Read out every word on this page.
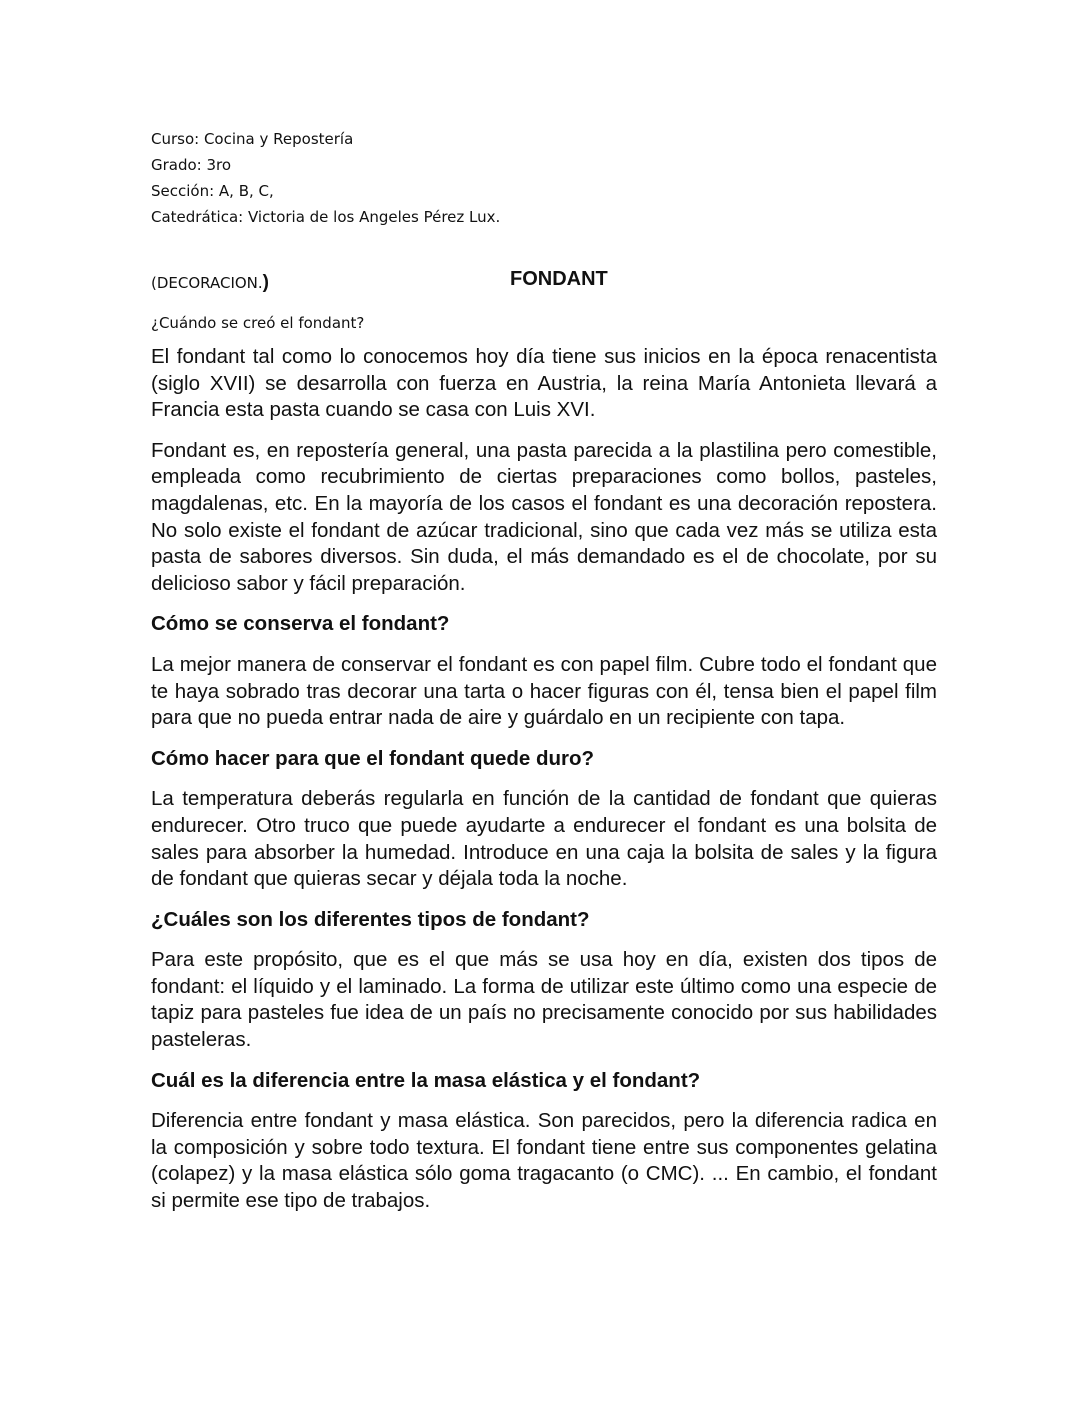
Curso: Cocina y Repostería
Grado: 3ro
Sección: A, B, C,
Catedrática: Victoria de los Angeles Pérez Lux.
(DECORACION.)	FONDANT
¿Cuándo se creó el fondant?

El fondant tal como lo conocemos hoy día tiene sus inicios en la época renacentista (siglo XVII) se desarrolla con fuerza en Austria, la reina María Antonieta llevará a Francia esta pasta cuando se casa con Luis XVI.

Fondant es, en repostería general, una pasta parecida a la plastilina pero comestible, empleada como recubrimiento de ciertas preparaciones como bollos, pasteles, magdalenas, etc. En la mayoría de los casos el fondant es una decoración repostera. No solo existe el fondant de azúcar tradicional, sino que cada vez más se utiliza esta pasta de sabores diversos. Sin duda, el más demandado es el de chocolate, por su delicioso sabor y fácil preparación.

Cómo se conserva el fondant?

La mejor manera de conservar el fondant es con papel film. Cubre todo el fondant que te haya sobrado tras decorar una tarta o hacer figuras con él, tensa bien el papel film para que no pueda entrar nada de aire y guárdalo en un recipiente con tapa.

Cómo hacer para que el fondant quede duro?

La temperatura deberás regularla en función de la cantidad de fondant que quieras endurecer. Otro truco que puede ayudarte a endurecer el fondant es una bolsita de sales para absorber la humedad. Introduce en una caja la bolsita de sales y la figura de fondant que quieras secar y déjala toda la noche.

¿Cuáles son los diferentes tipos de fondant?

Para este propósito, que es el que más se usa hoy en día, existen dos tipos de fondant: el líquido y el laminado. La forma de utilizar este último como una especie de tapiz para pasteles fue idea de un país no precisamente conocido por sus habilidades pasteleras.

Cuál es la diferencia entre la masa elástica y el fondant?

Diferencia entre fondant y masa elástica. Son parecidos, pero la diferencia radica en la composición y sobre todo textura. El fondant tiene entre sus componentes gelatina (colapez) y la masa elástica sólo goma tragacanto (o CMC). ... En cambio, el fondant si permite ese tipo de trabajos.
